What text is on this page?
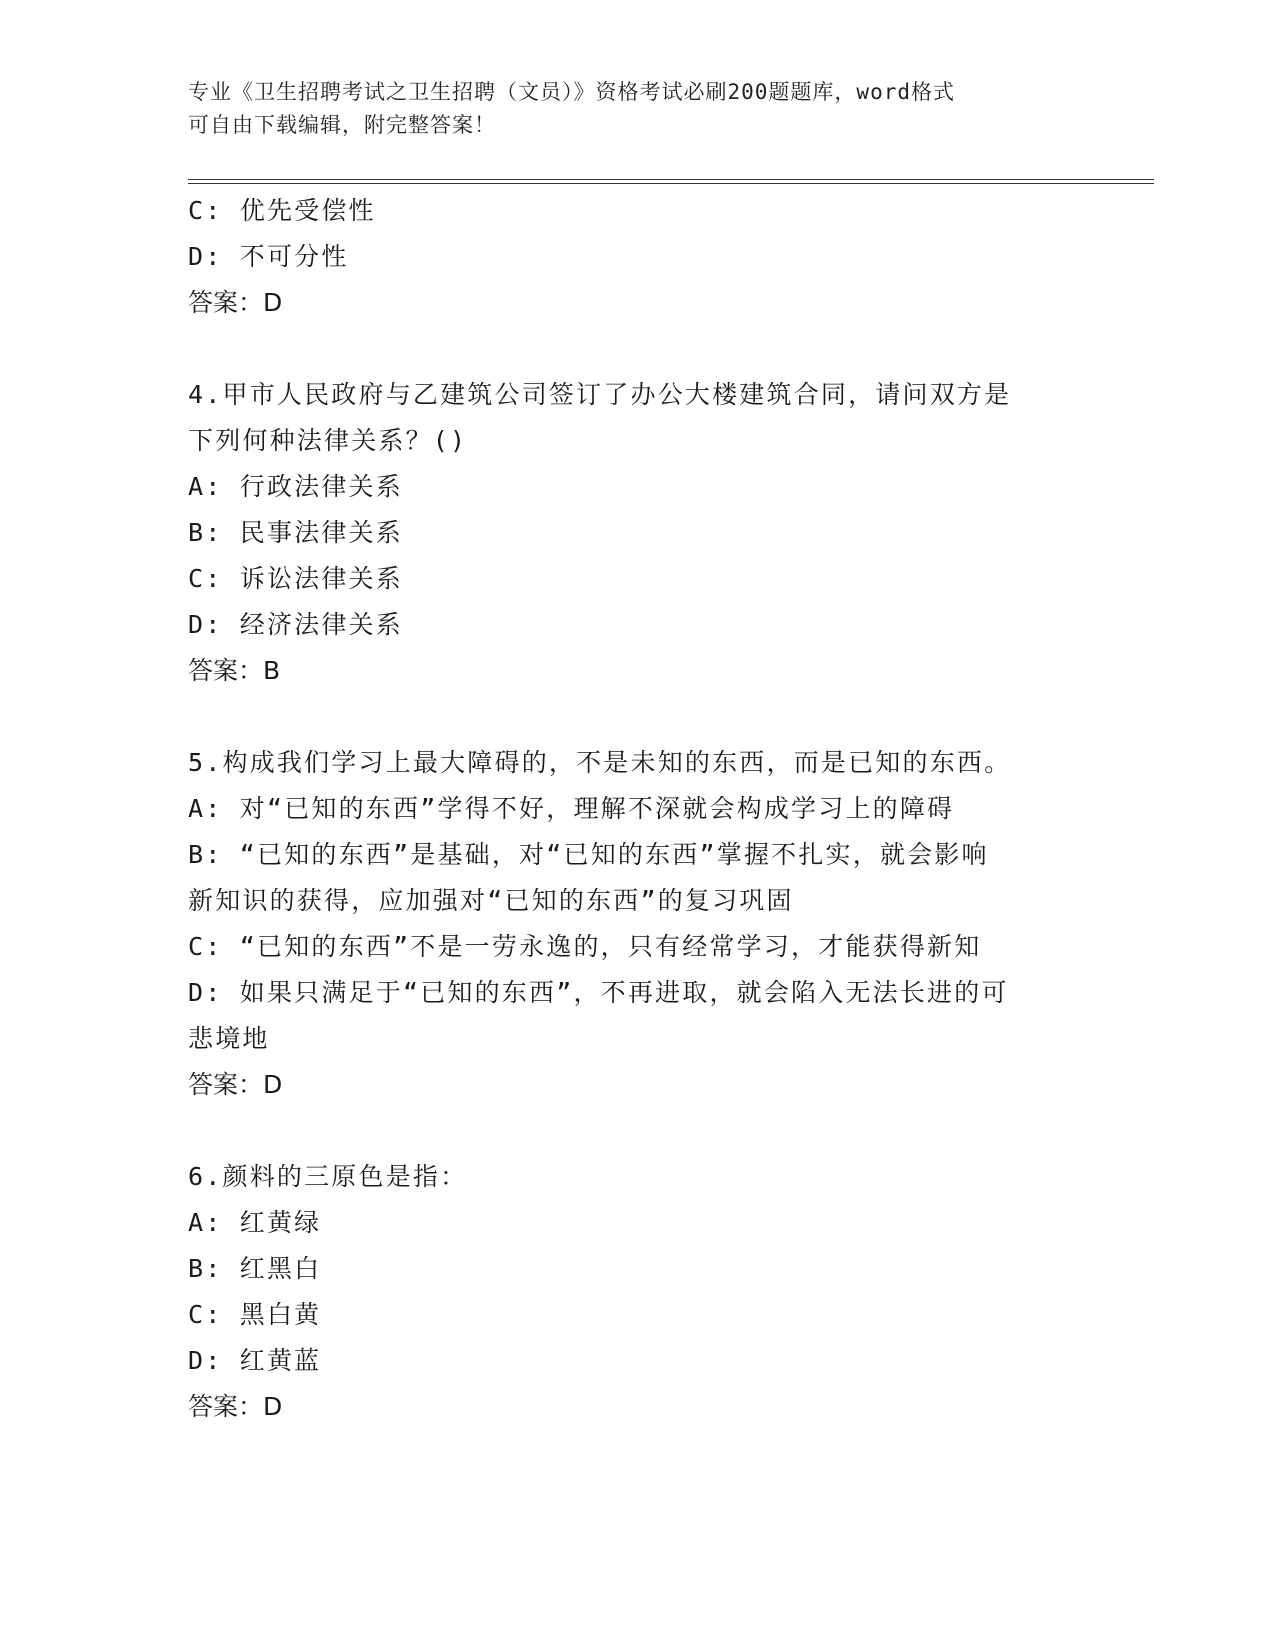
专业《卫生招聘考试之卫生招聘（文员）》资格考试必刷200题题库，word格式
可自由下载编辑，附完整答案！
C: 优先受偿性
D: 不可分性
答案：D
4.甲市人民政府与乙建筑公司签订了办公大楼建筑合同，请问双方是
下列何种法律关系？()
A: 行政法律关系
B: 民事法律关系
C: 诉讼法律关系
D: 经济法律关系
答案：B
5.构成我们学习上最大障碍的，不是未知的东西，而是已知的东西。
A: 对“已知的东西”学得不好，理解不深就会构成学习上的障碍
B: “已知的东西”是基础，对“已知的东西”掌握不扎实，就会影响
新知识的获得，应加强对“已知的东西”的复习巩固
C: “已知的东西”不是一劳永逸的，只有经常学习，才能获得新知
D: 如果只满足于“已知的东西”，不再进取，就会陷入无法长进的可
悲境地
答案：D
6.颜料的三原色是指：
A: 红黄绿
B: 红黑白
C: 黑白黄
D: 红黄蓝
答案：D
